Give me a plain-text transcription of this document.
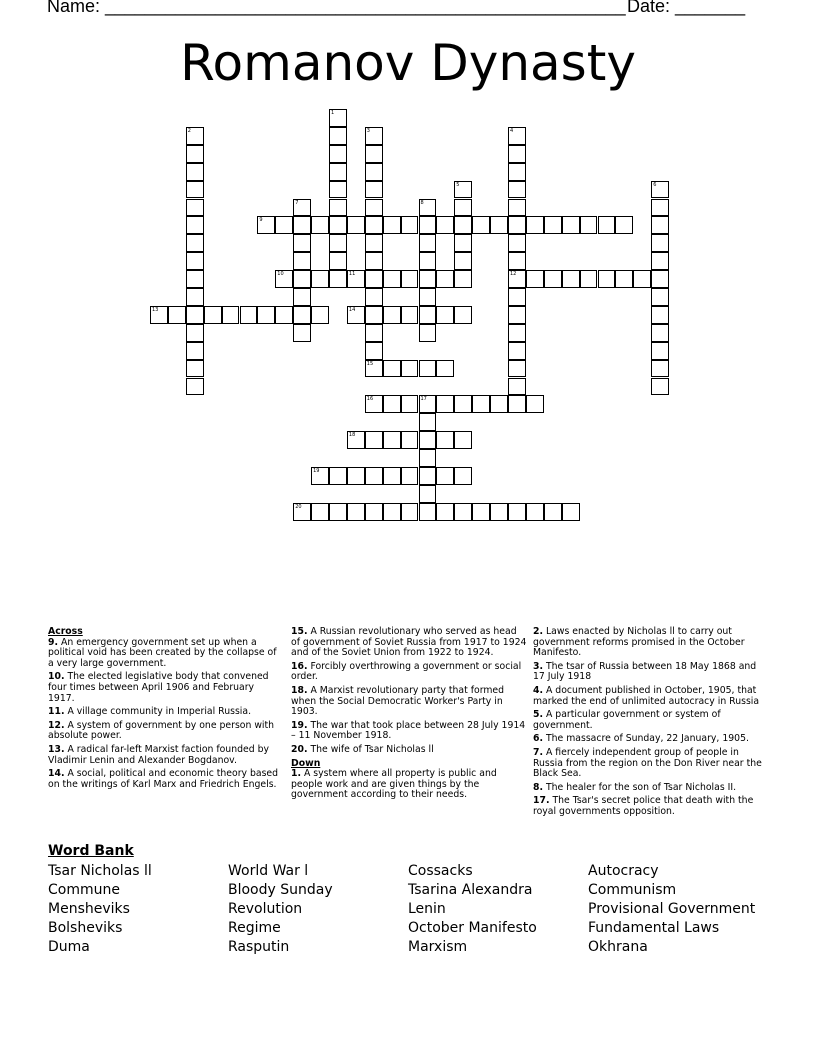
Name: ____________________________________________________ Date: _______
Romanov Dynasty
1
2	3
15
4
12
5	6
7	8
9
10	11
13	14
16	17
18
19
20
Across
9. An emergency government set up when a political void has been created by the collapse of a very large government.
10. The elected legislative body that convened four times between April 1906 and February 1917.
11. A village community in Imperial Russia.
12. A system of government by one person with absolute power.
13. A radical far-left Marxist faction founded by Vladimir Lenin and Alexander Bogdanov.
14. A social, political and economic theory based on the writings of Karl Marx and Friedrich Engels.
15. A Russian revolutionary who served as head of government of Soviet Russia from 1917 to 1924 and of the Soviet Union from 1922 to 1924.
16. Forcibly overthrowing a government or social order.
18. A Marxist revolutionary party that formed when the Social Democratic Worker's Party in 1903.
19. The war that took place between 28 July 1914 – 11 November 1918.
20. The wife of Tsar Nicholas ll
Down
1. A system where all property is public and people work and are given things by the government according to their needs.
2. Laws enacted by Nicholas ll to carry out government reforms promised in the October Manifesto.
3. The tsar of Russia between 18 May 1868 and 17 July 1918
4. A document published in October, 1905, that marked the end of unlimited autocracy in Russia
5. A particular government or system of government.
6. The massacre of Sunday, 22 January, 1905.
7. A fiercely independent group of people in Russia from the region on the Don River near the Black Sea.
8. The healer for the son of Tsar Nicholas II.
17. The Tsar's secret police that death with the royal governments opposition.
Word Bank
Tsar Nicholas ll
Commune
Mensheviks
Bolsheviks
Duma
World War l
Bloody Sunday
Revolution
Regime
Rasputin
Cossacks
Tsarina Alexandra
Lenin
October Manifesto
Marxism
Autocracy
Communism
Provisional Government
Fundamental Laws
Okhrana
